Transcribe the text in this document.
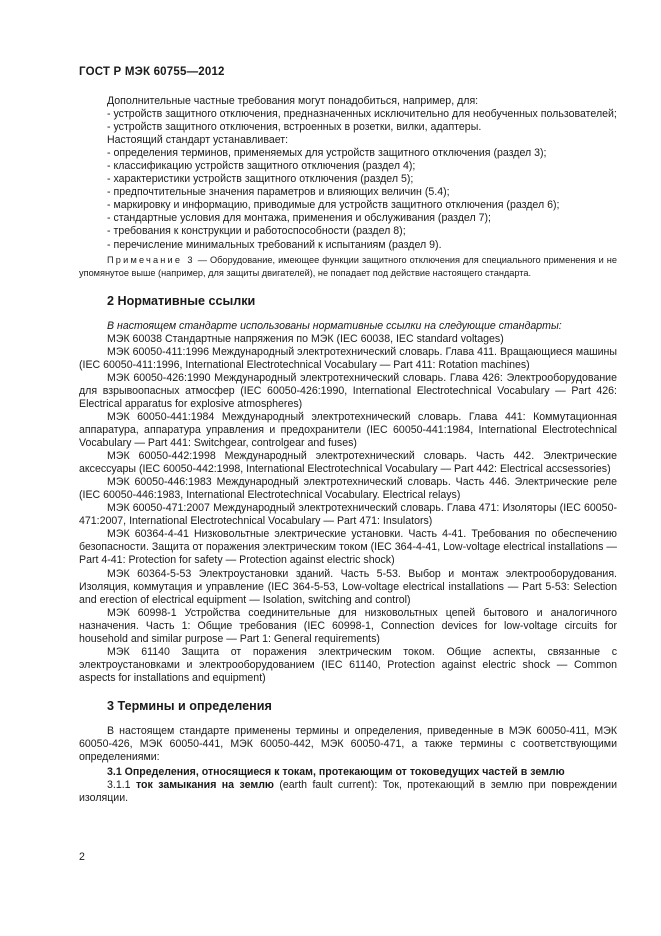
ГОСТ Р МЭК 60755—2012

Дополнительные частные требования могут понадобиться, например, для:

- устройств защитного отключения, предназначенных исключительно для необученных пользователей;

- устройств защитного отключения, встроенных в розетки, вилки, адаптеры.

Настоящий стандарт устанавливает:

- определения терминов, применяемых для устройств защитного отключения (раздел 3);

- классификацию устройств защитного отключения (раздел 4);

- характеристики устройств защитного отключения (раздел 5);

- предпочтительные значения параметров и влияющих величин (5.4);

- маркировку и информацию, приводимые для устройств защитного отключения (раздел 6);

- стандартные условия для монтажа, применения и обслуживания (раздел 7);

- требования к конструкции и работоспособности (раздел 8);

- перечисление минимальных требований к испытаниям (раздел 9).

Примечание 3 — Оборудование, имеющее функции защитного отключения для специального применения и не упомянутое выше (например, для защиты двигателей), не попадает под действие настоящего стандарта.

2 Нормативные ссылки

В настоящем стандарте использованы нормативные ссылки на следующие стандарты:

МЭК 60038 Стандартные напряжения по МЭК (IEC 60038, IEC standard voltages)

МЭК 60050-411:1996 Международный электротехнический словарь. Глава 411. Вращающиеся машины (IEC 60050-411:1996, International Electrotechnical Vocabulary — Part 411: Rotation machines)

МЭК 60050-426:1990 Международный электротехнический словарь. Глава 426: Электрооборудование для взрывоопасных атмосфер (IEC 60050-426:1990, International Electrotechnical Vocabulary — Part 426: Electrical apparatus for explosive atmospheres)

МЭК 60050-441:1984 Международный электротехнический словарь. Глава 441: Коммутационная аппаратура, аппаратура управления и предохранители (IEC 60050-441:1984, International Electrotechnical Vocabulary — Part 441: Switchgear, controlgear and fuses)

МЭК 60050-442:1998 Международный электротехнический словарь. Часть 442. Электрические аксессуары (IEC 60050-442:1998, International Electrotechnical Vocabulary — Part 442: Electrical accsessories)

МЭК 60050-446:1983 Международный электротехнический словарь. Часть 446. Электрические реле (IEC 60050-446:1983, International Electrotechnical Vocabulary. Electrical relays)

МЭК 60050-471:2007 Международный электротехнический словарь. Глава 471: Изоляторы (IEC 60050-471:2007, International Electrotechnical Vocabulary — Part 471: Insulators)

МЭК 60364-4-41 Низковольтные электрические установки. Часть 4-41. Требования по обеспечению безопасности. Защита от поражения электрическим током (IEC 364-4-41, Low-voltage electrical installations — Part 4-41: Protection for safety — Protection against electric shock)

МЭК 60364-5-53 Электроустановки зданий. Часть 5-53. Выбор и монтаж электрооборудования. Изоляция, коммутация и управление (IEC 364-5-53, Low-voltage electrical installations — Part 5-53: Selection and erection of electrical equipment — Isolation, switching and control)

МЭК 60998-1 Устройства соединительные для низковольтных цепей бытового и аналогичного назначения. Часть 1: Общие требования (IEC 60998-1, Connection devices for low-voltage circuits for household and similar purpose — Part 1: General requirements)

МЭК 61140 Защита от поражения электрическим током. Общие аспекты, связанные с электроустановками и электрооборудованием (IEC 61140, Protection against electric shock — Common aspects for installations and equipment)

3 Термины и определения

В настоящем стандарте применены термины и определения, приведенные в МЭК 60050-411, МЭК 60050-426, МЭК 60050-441, МЭК 60050-442, МЭК 60050-471, а также термины с соответствующими определениями:

3.1 Определения, относящиеся к токам, протекающим от токоведущих частей в землю

3.1.1 ток замыкания на землю (earth fault current): Ток, протекающий в землю при повреждении изоляции.

2
